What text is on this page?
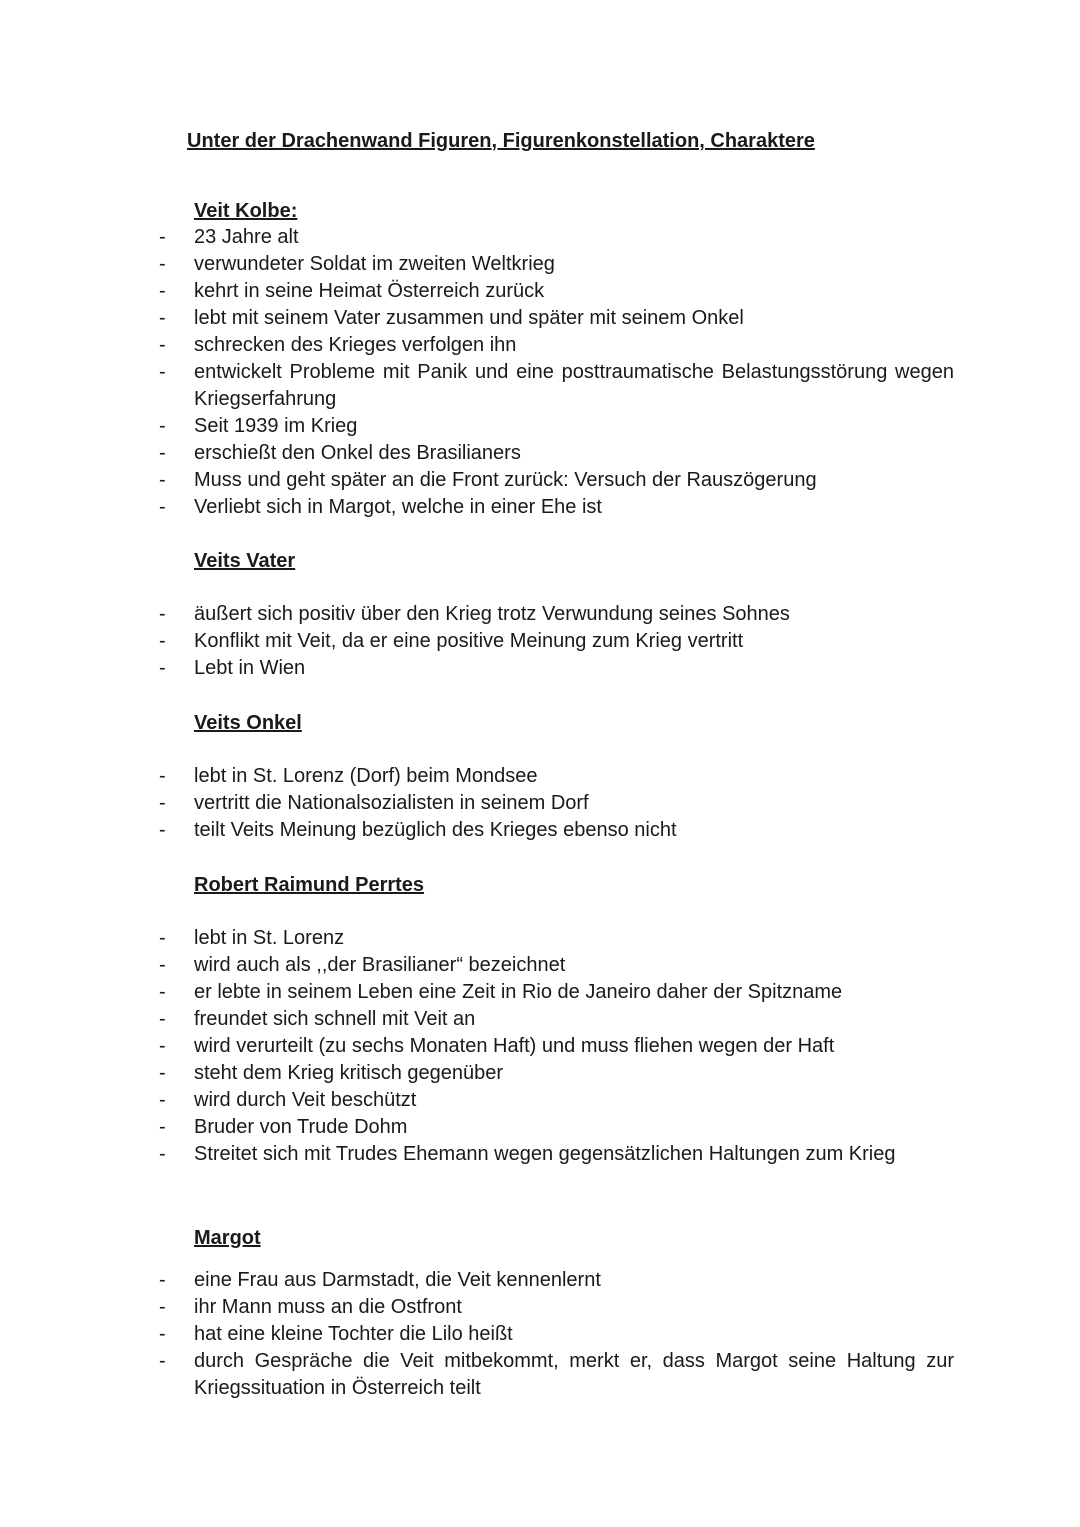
Unter der Drachenwand Figuren, Figurenkonstellation, Charaktere
Veit Kolbe:
- 23 Jahre alt
- verwundeter Soldat im zweiten Weltkrieg
- kehrt in seine Heimat Österreich zurück
- lebt mit seinem Vater zusammen und später mit seinem Onkel
- schrecken des Krieges verfolgen ihn
- entwickelt Probleme mit Panik und eine posttraumatische Belastungsstörung wegen Kriegserfahrung
- Seit 1939 im Krieg
- erschießt den Onkel des Brasilianers
- Muss und geht später an die Front zurück: Versuch der Rauszögerung
- Verliebt sich in Margot, welche in einer Ehe ist
Veits Vater
- äußert sich positiv über den Krieg trotz Verwundung seines Sohnes
- Konflikt mit Veit, da er eine positive Meinung zum Krieg vertritt
- Lebt in Wien
Veits Onkel
- lebt in St. Lorenz (Dorf) beim Mondsee
- vertritt die Nationalsozialisten in seinem Dorf
- teilt Veits Meinung bezüglich des Krieges ebenso nicht
Robert Raimund Perrtes
- lebt in St. Lorenz
- wird auch als ,,der Brasilianer“ bezeichnet
- er lebte in seinem Leben eine Zeit in Rio de Janeiro daher der Spitzname
- freundet sich schnell mit Veit an
- wird verurteilt (zu sechs Monaten Haft) und muss fliehen wegen der Haft
- steht dem Krieg kritisch gegenüber
- wird durch Veit beschützt
- Bruder von Trude Dohm
- Streitet sich mit Trudes Ehemann wegen gegensätzlichen Haltungen zum Krieg
Margot
- eine Frau aus Darmstadt, die Veit kennenlernt
- ihr Mann muss an die Ostfront
- hat eine kleine Tochter die Lilo heißt
- durch Gespräche die Veit mitbekommt, merkt er, dass Margot seine Haltung zur Kriegssituation in Österreich teilt
